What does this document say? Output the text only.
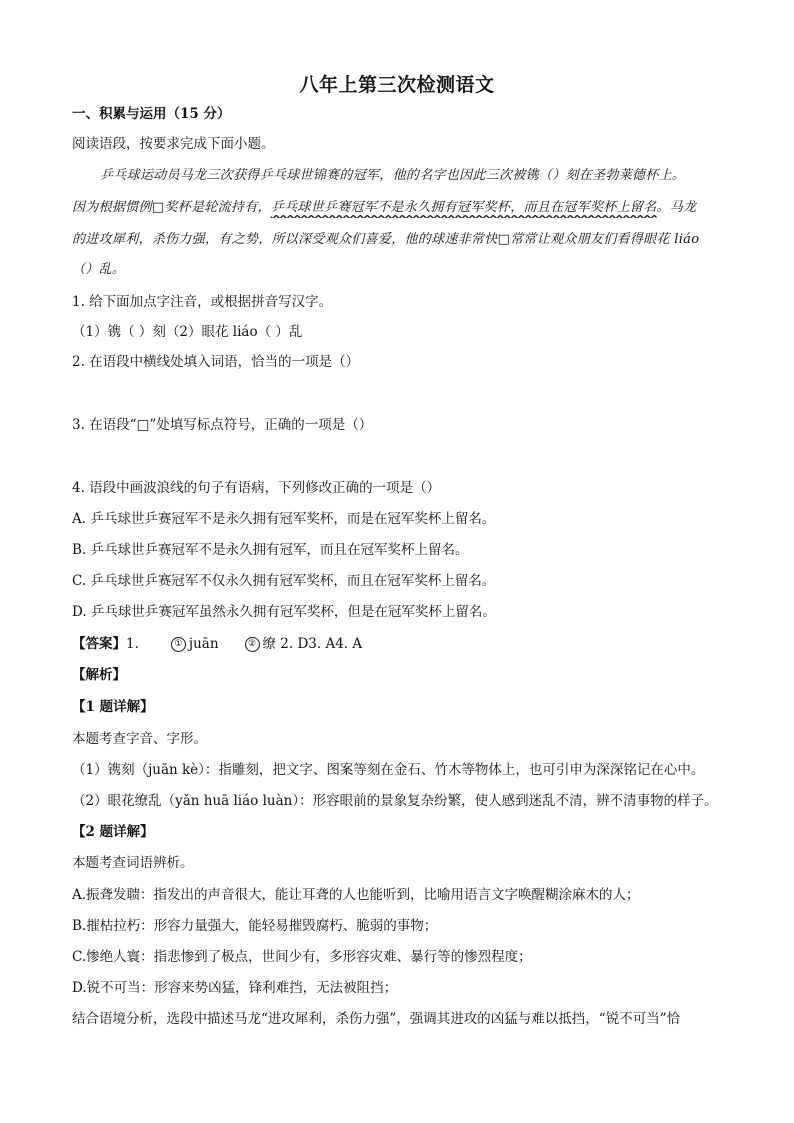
八年上第三次检测语文
一、积累与运用（15 分）
阅读语段，按要求完成下面小题。
乒乓球运动员马龙三次获得乒乓球世锦赛的冠军，他的名字也因此三次被镌（）刻在圣勃莱德杯上。
因为根据惯例□奖杯是轮流持有，乒乓球世乒赛冠军不是永久拥有冠军奖杯，而且在冠军奖杯上留名。马龙
的进攻犀利，杀伤力强，有之势，所以深受观众们喜爱，他的球速非常快□常常让观众朋友们看得眼花 liáo
（）乱。
1. 给下面加点字注音，或根据拼音写汉字。
（1）镌（ ）刻（2）眼花 liáo（ ）乱
2. 在语段中横线处填入词语，恰当的一项是（）
3. 在语段“□”处填写标点符号，正确的一项是（）
4. 语段中画波浪线的句子有语病，下列修改正确的一项是（）
A. 乒乓球世乒赛冠军不是永久拥有冠军奖杯，而是在冠军奖杯上留名。
B. 乒乓球世乒赛冠军不是永久拥有冠军，而且在冠军奖杯上留名。
C. 乒乓球世乒赛冠军不仅永久拥有冠军奖杯，而且在冠军奖杯上留名。
D. 乒乓球世乒赛冠军虽然永久拥有冠军奖杯，但是在冠军奖杯上留名。
【答案】1.	① juān	② 缭 2. D3. A4. A
【解析】
【1 题详解】
本题考查字音、字形。
（1）镌刻（juān kè）：指雕刻，把文字、图案等刻在金石、竹木等物体上，也可引申为深深铭记在心中。
（2）眼花缭乱（yǎn huā liáo luàn）：形容眼前的景象复杂纷繁，使人感到迷乱不清，辨不清事物的样子。
【2 题详解】
本题考查词语辨析。
A.振聋发聩：指发出的声音很大，能让耳聋的人也能听到，比喻用语言文字唤醒糊涂麻木的人；
B.摧枯拉朽：形容力量强大，能轻易摧毁腐朽、脆弱的事物；
C.惨绝人寰：指悲惨到了极点，世间少有，多形容灾难、暴行等的惨烈程度；
D.锐不可当：形容来势凶猛，锋利难挡，无法被阻挡；
结合语境分析，选段中描述马龙“进攻犀利，杀伤力强”，强调其进攻的凶猛与难以抵挡，“锐不可当”恰
